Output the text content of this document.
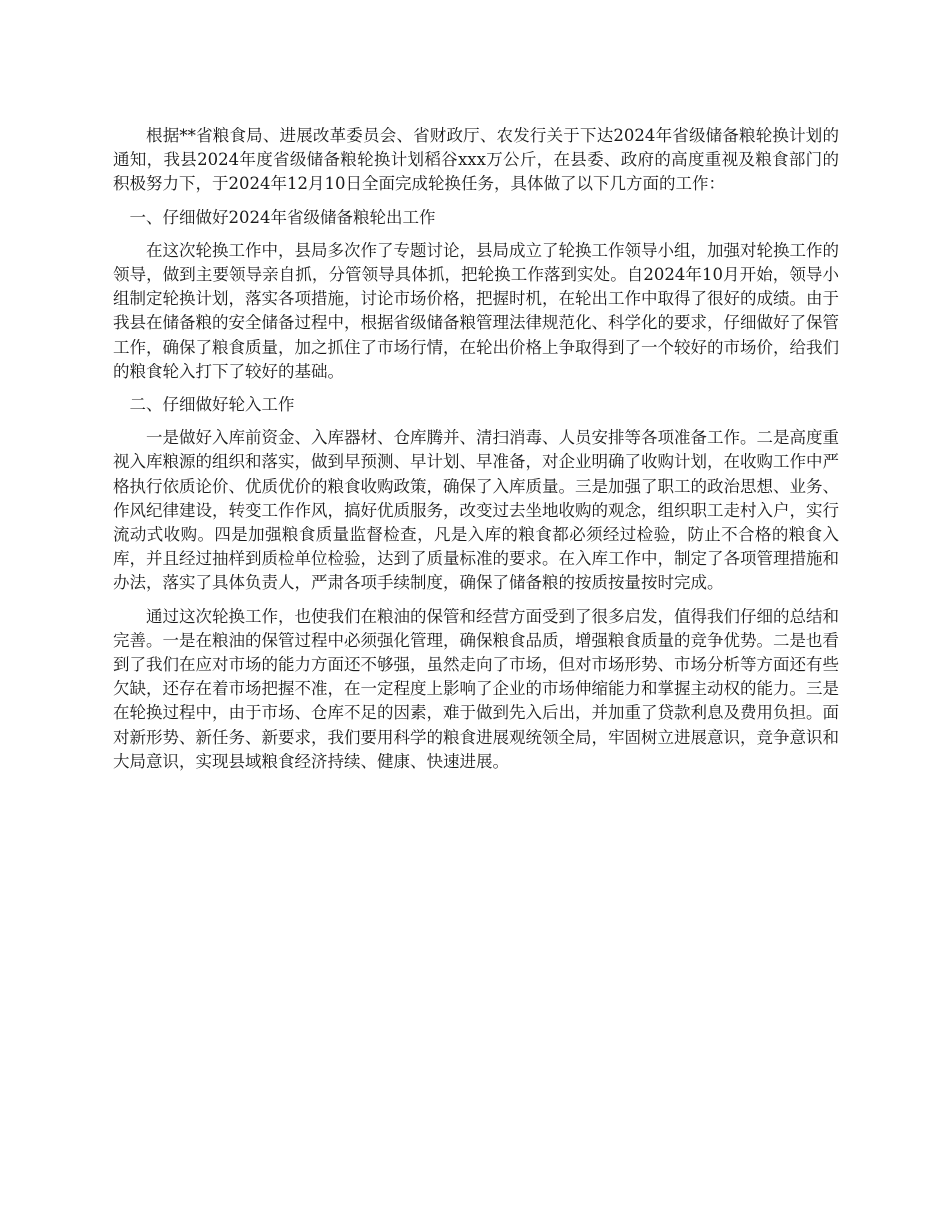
根据**省粮食局、进展改革委员会、省财政厅、农发行关于下达2024年省级储备粮轮换计划的通知，我县2024年度省级储备粮轮换计划稻谷xxx万公斤，在县委、政府的高度重视及粮食部门的积极努力下，于2024年12月10日全面完成轮换任务，具体做了以下几方面的工作：

一、仔细做好2024年省级储备粮轮出工作

在这次轮换工作中，县局多次作了专题讨论，县局成立了轮换工作领导小组，加强对轮换工作的领导，做到主要领导亲自抓，分管领导具体抓，把轮换工作落到实处。自2024年10月开始，领导小组制定轮换计划，落实各项措施，讨论市场价格，把握时机，在轮出工作中取得了很好的成绩。由于我县在储备粮的安全储备过程中，根据省级储备粮管理法律规范化、科学化的要求，仔细做好了保管工作，确保了粮食质量，加之抓住了市场行情，在轮出价格上争取得到了一个较好的市场价，给我们的粮食轮入打下了较好的基础。

二、仔细做好轮入工作

一是做好入库前资金、入库器材、仓库腾并、清扫消毒、人员安排等各项准备工作。二是高度重视入库粮源的组织和落实，做到早预测、早计划、早准备，对企业明确了收购计划，在收购工作中严格执行依质论价、优质优价的粮食收购政策，确保了入库质量。三是加强了职工的政治思想、业务、作风纪律建设，转变工作作风，搞好优质服务，改变过去坐地收购的观念，组织职工走村入户，实行流动式收购。四是加强粮食质量监督检查，凡是入库的粮食都必须经过检验，防止不合格的粮食入库，并且经过抽样到质检单位检验，达到了质量标准的要求。在入库工作中，制定了各项管理措施和办法，落实了具体负责人，严肃各项手续制度，确保了储备粮的按质按量按时完成。

通过这次轮换工作，也使我们在粮油的保管和经营方面受到了很多启发，值得我们仔细的总结和完善。一是在粮油的保管过程中必须强化管理，确保粮食品质，增强粮食质量的竞争优势。二是也看到了我们在应对市场的能力方面还不够强，虽然走向了市场，但对市场形势、市场分析等方面还有些欠缺，还存在着市场把握不准，在一定程度上影响了企业的市场伸缩能力和掌握主动权的能力。三是在轮换过程中，由于市场、仓库不足的因素，难于做到先入后出，并加重了贷款利息及费用负担。面对新形势、新任务、新要求，我们要用科学的粮食进展观统领全局，牢固树立进展意识，竞争意识和大局意识，实现县域粮食经济持续、健康、快速进展。
